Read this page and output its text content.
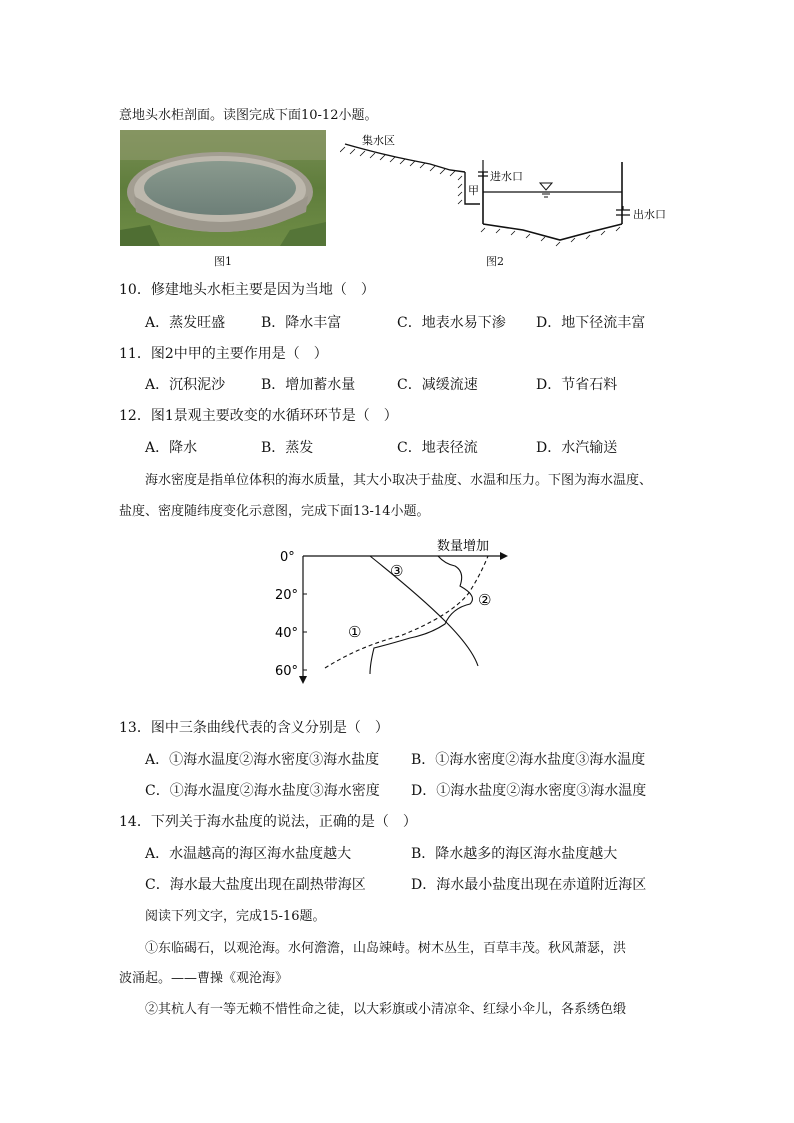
意地头水柜剖面。读图完成下面10-12小题。
图1
集水区
进水口
出水口
甲
图2
10．修建地头水柜主要是因为当地（　）
A．蒸发旺盛	B．降水丰富	C．地表水易下渗 D．地下径流丰富
11．图2中甲的主要作用是（　）
A．沉积泥沙	B．增加蓄水量	C．减缓流速	D．节省石料
12．图1景观主要改变的水循环环节是（　）
A．降水	B．蒸发	C．地表径流	D．水汽输送
海水密度是指单位体积的海水质量，其大小取决于盐度、水温和压力。下图为海水温度、
盐度、密度随纬度变化示意图，完成下面13-14小题。
0°
20°
40°
60°
数量增加
③
②
①
13．图中三条曲线代表的含义分别是（　）
A．①海水温度②海水密度③海水盐度 B．①海水密度②海水盐度③海水温度
C．①海水温度②海水盐度③海水密度 D．①海水盐度②海水密度③海水温度
14．下列关于海水盐度的说法，正确的是（　）
A．水温越高的海区海水盐度越大	B．降水越多的海区海水盐度越大
C．海水最大盐度出现在副热带海区	D．海水最小盐度出现在赤道附近海区
阅读下列文字，完成15-16题。
①东临碣石，以观沧海。水何澹澹，山岛竦峙。树木丛生，百草丰茂。秋风萧瑟，洪
波涌起。——曹操《观沧海》
②其杭人有一等无赖不惜性命之徒，以大彩旗或小清凉伞、红绿小伞儿，各系绣色缎
